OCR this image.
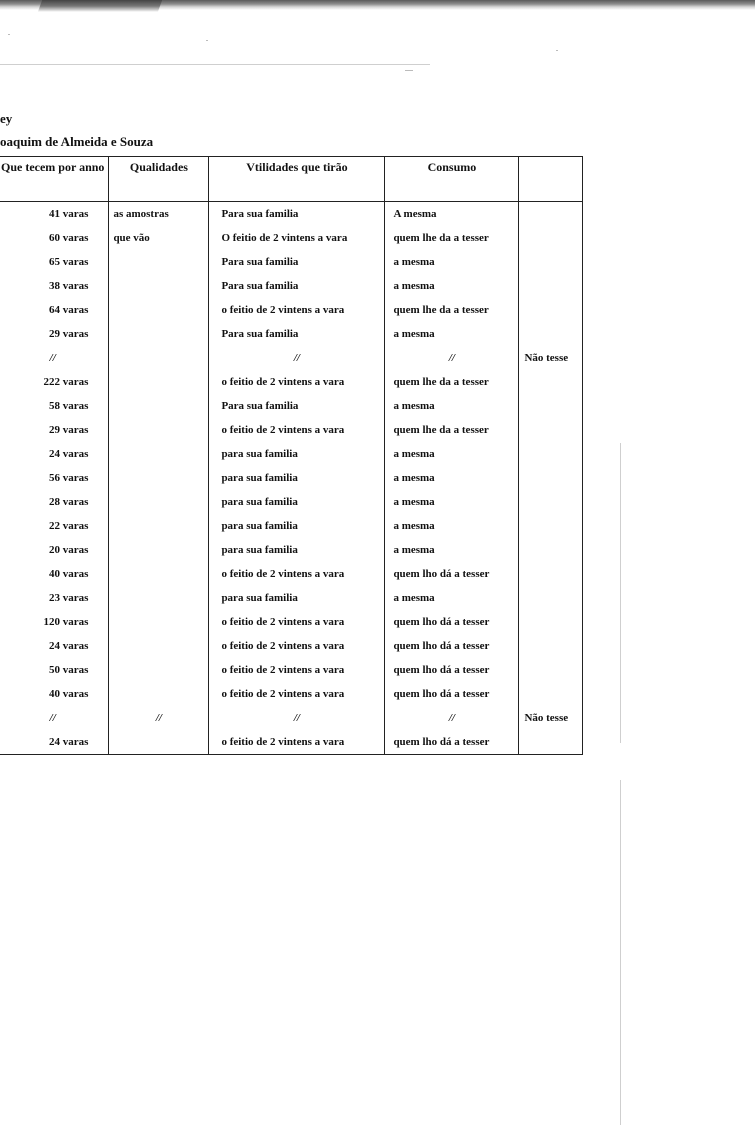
ey
oaquim de Almeida e Souza
Que tecem por anno	Qualidades	Vtilidades que tirão	Consumo	
41 varas	as amostras	Para sua familia	A mesma	
60 varas	que vão	O feitio de 2 vintens a vara	quem lhe da a tesser	
65 varas		Para sua familia	a mesma	
38 varas		Para sua familia	a mesma	
64 varas		o feitio de 2 vintens a vara	quem lhe da a tesser	
29 varas		Para sua familia	a mesma	
//		//	//	Não tesse
222 varas		o feitio de 2 vintens a vara	quem lhe da a tesser	
58 varas		Para sua familia	a mesma	
29 varas		o feitio de 2 vintens a vara	quem lhe da a tesser	
24 varas		para sua familia	a mesma	
56 varas		para sua familia	a mesma	
28 varas		para sua familia	a mesma	
22 varas		para sua familia	a mesma	
20 varas		para sua familia	a mesma	
40 varas		o feitio de 2 vintens a vara	quem lho dá a tesser	
23 varas		para sua familia	a mesma	
120 varas		o feitio de 2 vintens a vara	quem lho dá a tesser	
24 varas		o feitio de 2 vintens a vara	quem lho dá a tesser	
50 varas		o feitio de 2 vintens a vara	quem lho dá a tesser	
40 varas		o feitio de 2 vintens a vara	quem lho dá a tesser	
//	//	//	//	Não tesse
24 varas		o feitio de 2 vintens a vara	quem lho dá a tesser	
